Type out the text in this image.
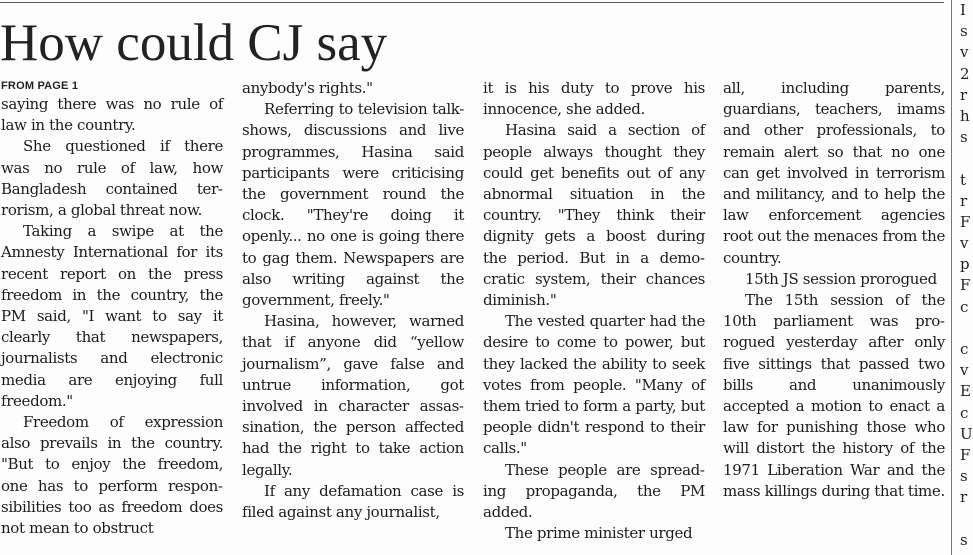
How could CJ say
FROM PAGE 1

saying there was no rule of law in the country.

She questioned if there was no rule of law, how Bangladesh contained terrorism, a global threat now.

Taking a swipe at the Amnesty International for its recent report on the press freedom in the country, the PM said, "I want to say it clearly that newspapers, journalists and electronic media are enjoying full freedom."

Freedom of expression also prevails in the country. "But to enjoy the freedom, one has to perform responsibilities too as freedom does not mean to obstruct

anybody's rights."

Referring to television talk-shows, discussions and live programmes, Hasina said participants were criticising the government round the clock. "They're doing it openly... no one is going there to gag them. Newspapers are also writing against the government, freely."

Hasina, however, warned that if anyone did “yellow journalism”, gave false and untrue information, got involved in character assassination, the person affected had the right to take action legally.

If any defamation case is filed against any journalist,

it is his duty to prove his innocence, she added.

Hasina said a section of people always thought they could get benefits out of any abnormal situation in the country. "They think their dignity gets a boost during the period. But in a democratic system, their chances diminish."

The vested quarter had the desire to come to power, but they lacked the ability to seek votes from people. "Many of them tried to form a party, but people didn't respond to their calls."

These people are spreading propaganda, the PM added.

The prime minister urged

all, including parents, guardians, teachers, imams and other professionals, to remain alert so that no one can get involved in terrorism and militancy, and to help the law enforcement agencies root out the menaces from the country.

15th JS session prorogued

The 15th session of the 10th parliament was prorogued yesterday after only five sittings that passed two bills and unanimously accepted a motion to enact a law for punishing those who will distort the history of the 1971 Liberation War and the mass killings during that time.

I
s
v
2
r
h
s
t
r
F
v
p
F
c
c
v
E
c
U
F
s
r
s
